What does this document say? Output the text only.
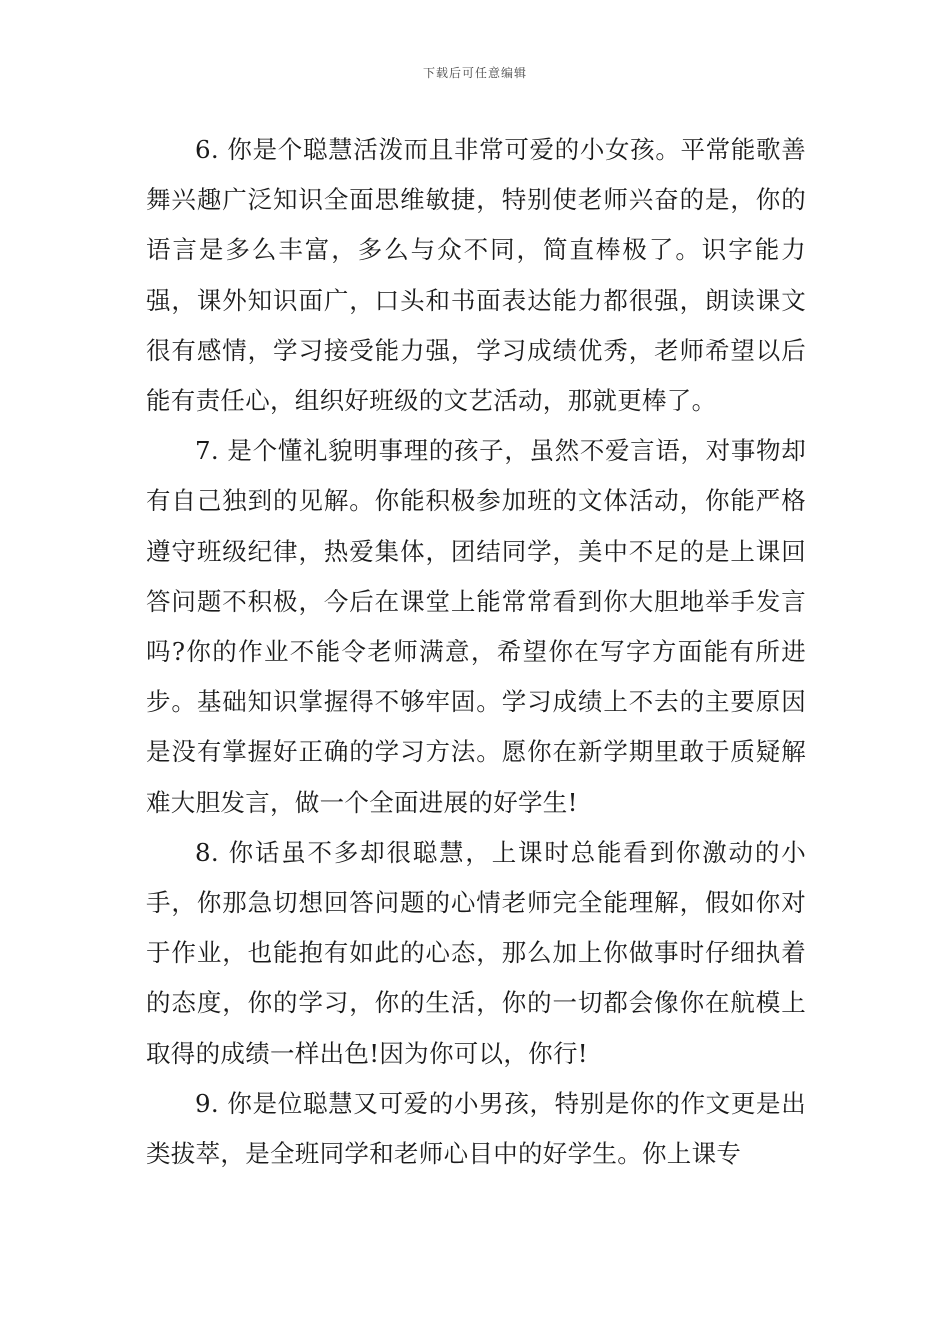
下载后可任意编辑

6. 你是个聪慧活泼而且非常可爱的小女孩。平常能歌善舞兴趣广泛知识全面思维敏捷，特别使老师兴奋的是，你的语言是多么丰富，多么与众不同，简直棒极了。识字能力强，课外知识面广，口头和书面表达能力都很强，朗读课文很有感情，学习接受能力强，学习成绩优秀，老师希望以后能有责任心，组织好班级的文艺活动，那就更棒了。

7. 是个懂礼貌明事理的孩子，虽然不爱言语，对事物却有自己独到的见解。你能积极参加班的文体活动，你能严格遵守班级纪律，热爱集体，团结同学，美中不足的是上课回答问题不积极，今后在课堂上能常常看到你大胆地举手发言吗?你的作业不能令老师满意，希望你在写字方面能有所进步。基础知识掌握得不够牢固。学习成绩上不去的主要原因是没有掌握好正确的学习方法。愿你在新学期里敢于质疑解难大胆发言，做一个全面进展的好学生!

8. 你话虽不多却很聪慧，上课时总能看到你激动的小手，你那急切想回答问题的心情老师完全能理解，假如你对于作业，也能抱有如此的心态，那么加上你做事时仔细执着的态度，你的学习，你的生活，你的一切都会像你在航模上取得的成绩一样出色!因为你可以，你行!

9. 你是位聪慧又可爱的小男孩，特别是你的作文更是出类拔萃，是全班同学和老师心目中的好学生。你上课专
